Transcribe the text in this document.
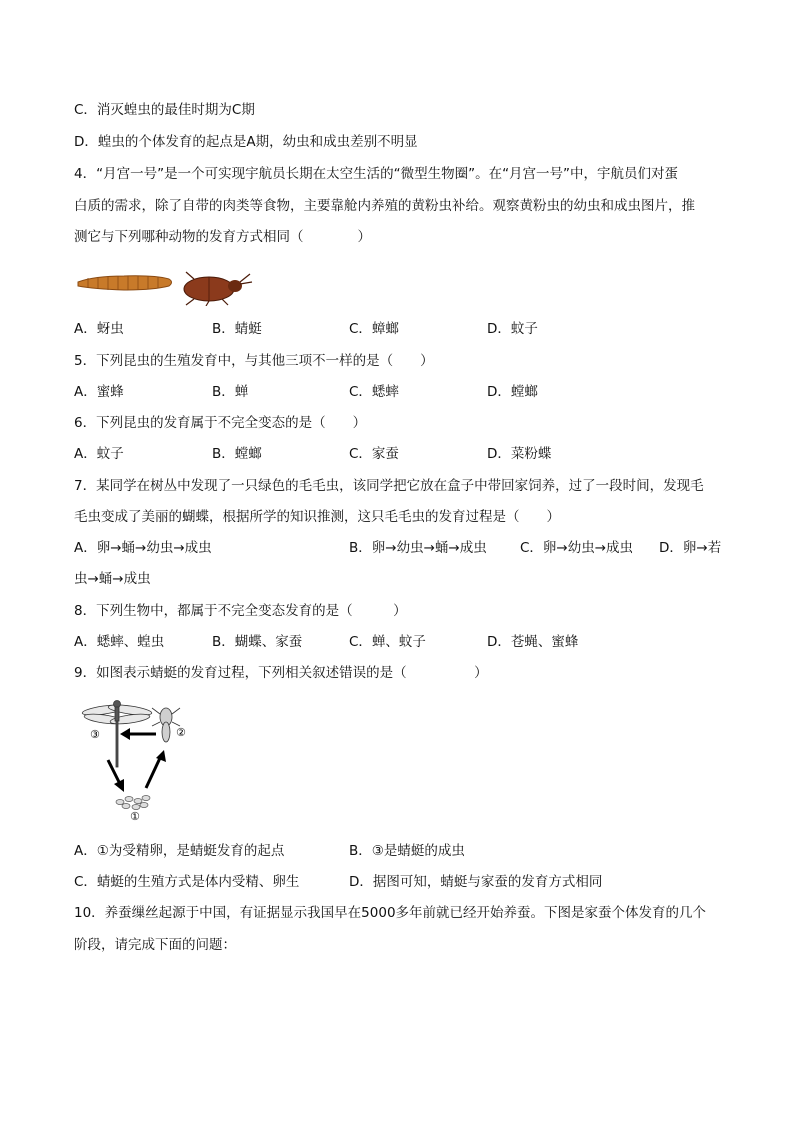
C．消灭蝗虫的最佳时期为C期
D．蝗虫的个体发育的起点是A期，幼虫和成虫差别不明显
4．“月宫一号”是一个可实现宇航员长期在太空生活的“微型生物圈”。在“月宫一号”中，宇航员们对蛋
白质的需求，除了自带的肉类等食物，主要靠舱内养殖的黄粉虫补给。观察黄粉虫的幼虫和成虫图片，推
测它与下列哪种动物的发育方式相同（　　　　）
A．蚜虫	B．蜻蜓	C．蟑螂	D．蚊子
5．下列昆虫的生殖发育中，与其他三项不一样的是（　　）
A．蜜蜂	B．蝉	C．蟋蟀	D．螳螂
6．下列昆虫的发育属于不完全变态的是（　　）
A．蚊子	B．螳螂	C．家蚕	D．菜粉蝶
7．某同学在树丛中发现了一只绿色的毛毛虫，该同学把它放在盒子中带回家饲养，过了一段时间，发现毛
毛虫变成了美丽的蝴蝶，根据所学的知识推测，这只毛毛虫的发育过程是（　　）
A．卵→蛹→幼虫→成虫	B．卵→幼虫→蛹→成虫 C．卵→幼虫→成虫 D．卵→若
虫→蛹→成虫
8．下列生物中，都属于不完全变态发育的是（　　　）
A．蟋蟀、蝗虫	B．蝴蝶、家蚕	C．蝉、蚊子	D．苍蝇、蜜蜂
9．如图表示蜻蜓的发育过程，下列相关叙述错误的是（　　　　　）
③	②
①
A．①为受精卵，是蜻蜓发育的起点	B．③是蜻蜓的成虫
C．蜻蜓的生殖方式是体内受精、卵生	D．据图可知，蜻蜓与家蚕的发育方式相同
10．养蚕缫丝起源于中国，有证据显示我国早在5000多年前就已经开始养蚕。下图是家蚕个体发育的几个
阶段，请完成下面的问题：
